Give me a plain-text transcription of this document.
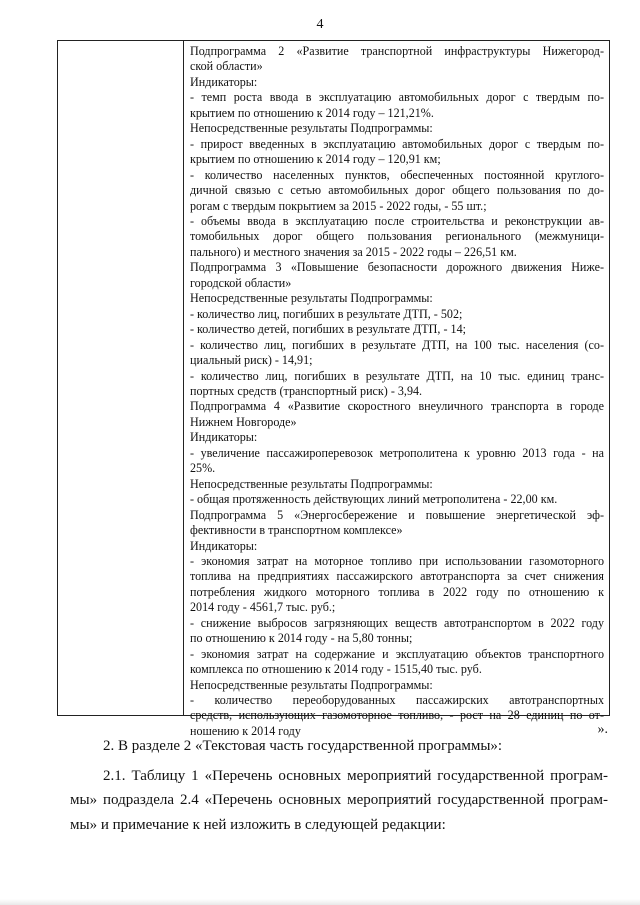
4

Подпрограмма 2 «Развитие транспортной инфраструктуры Нижегород-

ской области»

Индикаторы:

- темп роста ввода в эксплуатацию автомобильных дорог с твердым по-

крытием по отношению к 2014 году – 121,21%.

Непосредственные результаты Подпрограммы:

- прирост введенных в эксплуатацию автомобильных дорог с твердым по-

крытием по отношению к 2014 году – 120,91 км;

- количество населенных пунктов, обеспеченных постоянной круглого-

дичной связью с сетью автомобильных дорог общего пользования по до-

рогам с твердым покрытием за 2015 - 2022 годы, - 55 шт.;

- объемы ввода в эксплуатацию после строительства и реконструкции ав-

томобильных дорог общего пользования регионального (межмуници-

пального) и местного значения за 2015 - 2022 годы – 226,51 км.

Подпрограмма 3 «Повышение безопасности дорожного движения Ниже-

городской области»

Непосредственные результаты Подпрограммы:

- количество лиц, погибших в результате ДТП, - 502;

- количество детей, погибших в результате ДТП, - 14;

- количество лиц, погибших в результате ДТП, на 100 тыс. населения (со-

циальный риск) - 14,91;

- количество лиц, погибших в результате ДТП, на 10 тыс. единиц транс-

портных средств (транспортный риск) - 3,94.

Подпрограмма 4 «Развитие скоростного внеуличного транспорта в городе

Нижнем Новгороде»

Индикаторы:

- увеличение пассажироперевозок метрополитена к уровню 2013 года - на

25%.

Непосредственные результаты Подпрограммы:

- общая протяженность действующих линий метрополитена - 22,00 км.

Подпрограмма 5 «Энергосбережение и повышение энергетической эф-

фективности в транспортном комплексе»

Индикаторы:

- экономия затрат на моторное топливо при использовании газомоторного

топлива на предприятиях пассажирского автотранспорта за счет снижения

потребления жидкого моторного топлива в 2022 году по отношению к

2014 году - 4561,7 тыс. руб.;

- снижение выбросов загрязняющих веществ автотранспортом в 2022 году

по отношению к 2014 году - на 5,80 тонны;

- экономия затрат на содержание и эксплуатацию объектов транспортного

комплекса по отношению к 2014 году - 1515,40 тыс. руб.

Непосредственные результаты Подпрограммы:

- количество переоборудованных пассажирских автотранспортных

средств, использующих газомоторное топливо, - рост на 28 единиц по от-

ношению к 2014 году	».

2. В разделе 2 «Текстовая часть государственной программы»:

2.1. Таблицу 1 «Перечень основных мероприятий государственной програм-

мы» подраздела 2.4 «Перечень основных мероприятий государственной програм-

мы» и примечание к ней изложить в следующей редакции:
